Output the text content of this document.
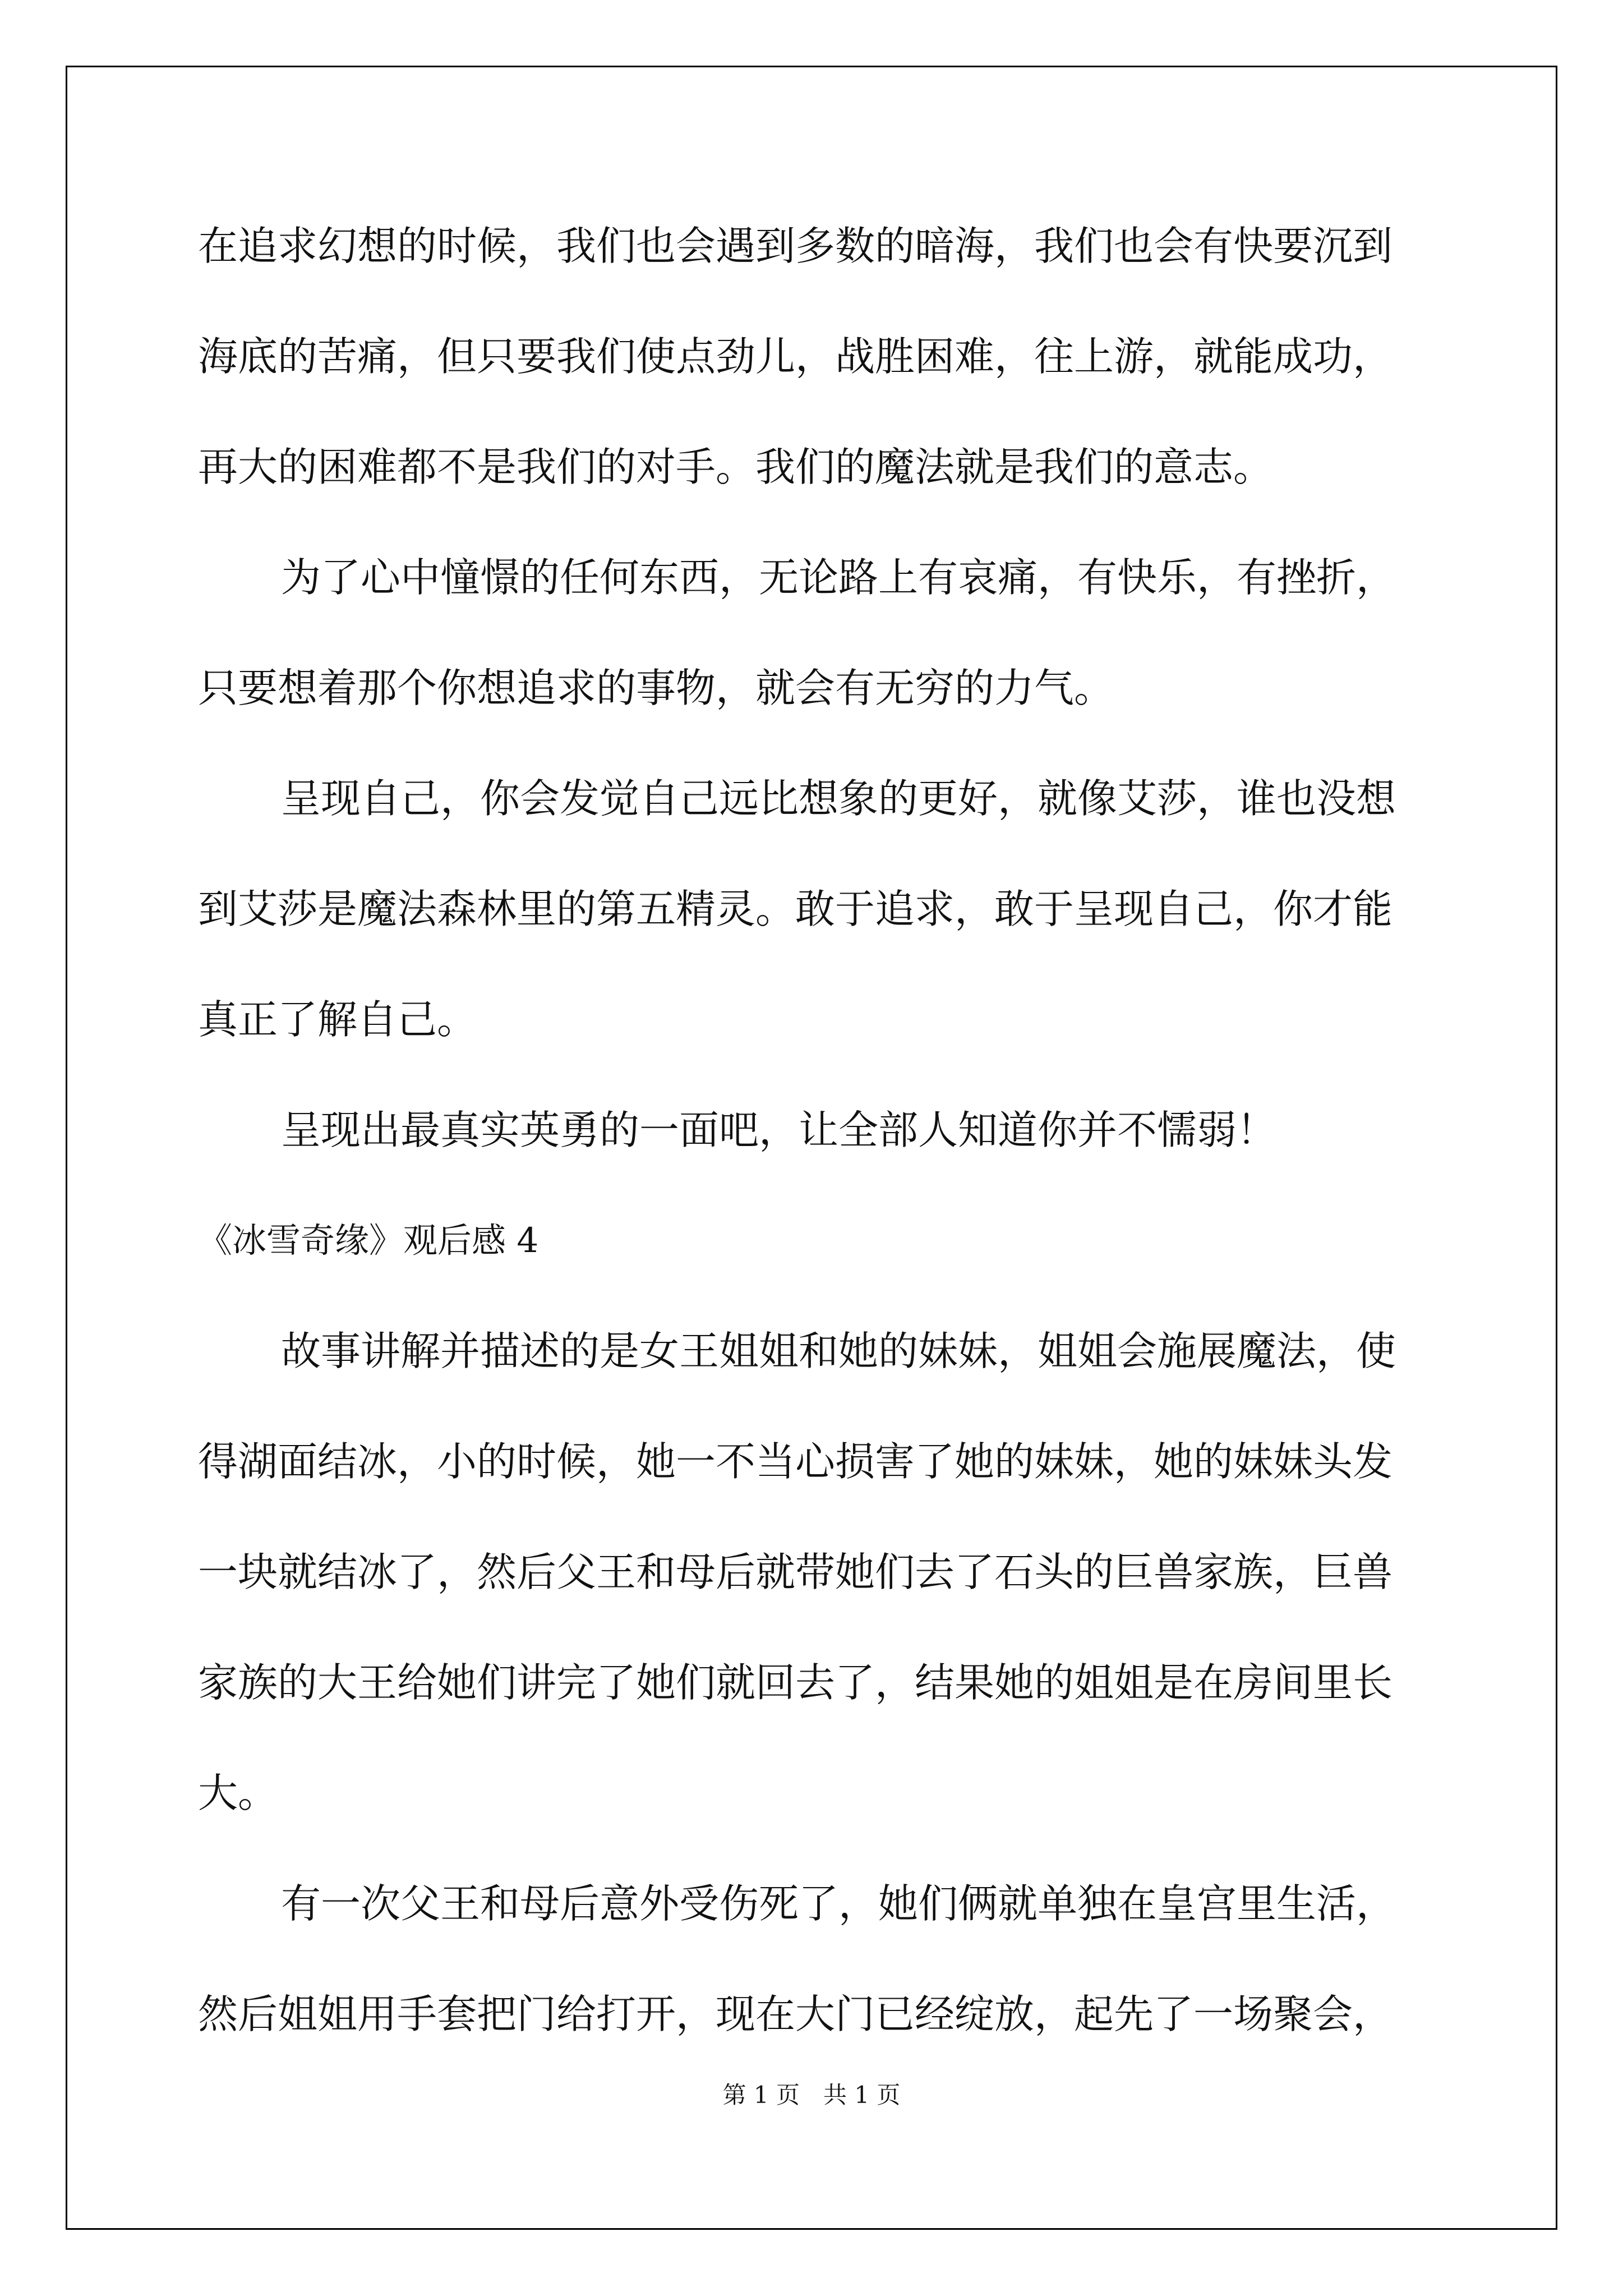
在追求幻想的时候，我们也会遇到多数的暗海，我们也会有快要沉到
海底的苦痛，但只要我们使点劲儿，战胜困难，往上游，就能成功，
再大的困难都不是我们的对手。我们的魔法就是我们的意志。
为了心中憧憬的任何东西，无论路上有哀痛，有快乐，有挫折，
只要想着那个你想追求的事物，就会有无穷的力气。
呈现自己，你会发觉自己远比想象的更好，就像艾莎，谁也没想
到艾莎是魔法森林里的第五精灵。敢于追求，敢于呈现自己，你才能
真正了解自己。
呈现出最真实英勇的一面吧，让全部人知道你并不懦弱！
《冰雪奇缘》观后感 4
故事讲解并描述的是女王姐姐和她的妹妹，姐姐会施展魔法，使
得湖面结冰，小的时候，她一不当心损害了她的妹妹，她的妹妹头发
一块就结冰了，然后父王和母后就带她们去了石头的巨兽家族，巨兽
家族的大王给她们讲完了她们就回去了，结果她的姐姐是在房间里长
大。
有一次父王和母后意外受伤死了，她们俩就单独在皇宫里生活，
然后姐姐用手套把门给打开，现在大门已经绽放，起先了一场聚会，
第 1 页　共 1 页
